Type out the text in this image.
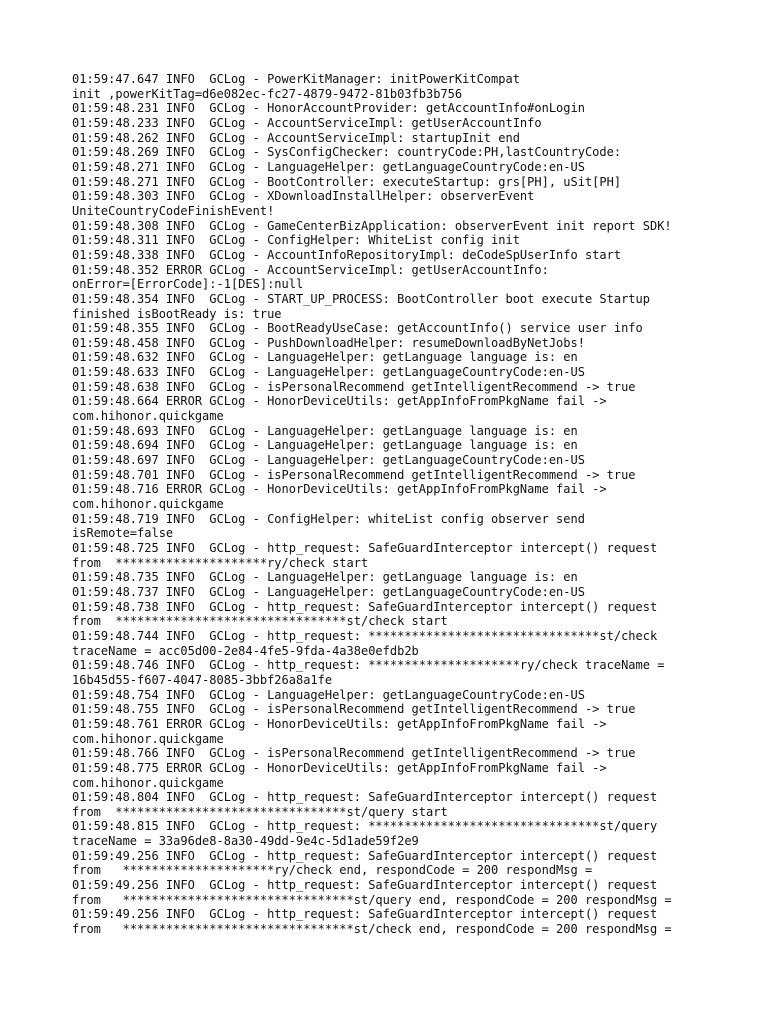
01:59:47.647 INFO  GCLog - PowerKitManager: initPowerKitCompat
init ,powerKitTag=d6e082ec-fc27-4879-9472-81b03fb3b756
01:59:48.231 INFO  GCLog - HonorAccountProvider: getAccountInfo#onLogin
01:59:48.233 INFO  GCLog - AccountServiceImpl: getUserAccountInfo
01:59:48.262 INFO  GCLog - AccountServiceImpl: startupInit end
01:59:48.269 INFO  GCLog - SysConfigChecker: countryCode:PH,lastCountryCode:
01:59:48.271 INFO  GCLog - LanguageHelper: getLanguageCountryCode:en-US
01:59:48.271 INFO  GCLog - BootController: executeStartup: grs[PH], uSit[PH]
01:59:48.303 INFO  GCLog - XDownloadInstallHelper: observerEvent
UniteCountryCodeFinishEvent!
01:59:48.308 INFO  GCLog - GameCenterBizApplication: observerEvent init report SDK!
01:59:48.311 INFO  GCLog - ConfigHelper: WhiteList config init
01:59:48.338 INFO  GCLog - AccountInfoRepositoryImpl: deCodeSpUserInfo start
01:59:48.352 ERROR GCLog - AccountServiceImpl: getUserAccountInfo:
onError=[ErrorCode]:-1[DES]:null
01:59:48.354 INFO  GCLog - START_UP_PROCESS: BootController boot execute Startup
finished isBootReady is: true
01:59:48.355 INFO  GCLog - BootReadyUseCase: getAccountInfo() service user info
01:59:48.458 INFO  GCLog - PushDownloadHelper: resumeDownloadByNetJobs!
01:59:48.632 INFO  GCLog - LanguageHelper: getLanguage language is: en
01:59:48.633 INFO  GCLog - LanguageHelper: getLanguageCountryCode:en-US
01:59:48.638 INFO  GCLog - isPersonalRecommend getIntelligentRecommend -> true
01:59:48.664 ERROR GCLog - HonorDeviceUtils: getAppInfoFromPkgName fail ->
com.hihonor.quickgame
01:59:48.693 INFO  GCLog - LanguageHelper: getLanguage language is: en
01:59:48.694 INFO  GCLog - LanguageHelper: getLanguage language is: en
01:59:48.697 INFO  GCLog - LanguageHelper: getLanguageCountryCode:en-US
01:59:48.701 INFO  GCLog - isPersonalRecommend getIntelligentRecommend -> true
01:59:48.716 ERROR GCLog - HonorDeviceUtils: getAppInfoFromPkgName fail ->
com.hihonor.quickgame
01:59:48.719 INFO  GCLog - ConfigHelper: whiteList config observer send
isRemote=false
01:59:48.725 INFO  GCLog - http_request: SafeGuardInterceptor intercept() request
from  *********************ry/check start
01:59:48.735 INFO  GCLog - LanguageHelper: getLanguage language is: en
01:59:48.737 INFO  GCLog - LanguageHelper: getLanguageCountryCode:en-US
01:59:48.738 INFO  GCLog - http_request: SafeGuardInterceptor intercept() request
from  ********************************st/check start
01:59:48.744 INFO  GCLog - http_request: ********************************st/check
traceName = acc05d00-2e84-4fe5-9fda-4a38e0efdb2b
01:59:48.746 INFO  GCLog - http_request: *********************ry/check traceName =
16b45d55-f607-4047-8085-3bbf26a8a1fe
01:59:48.754 INFO  GCLog - LanguageHelper: getLanguageCountryCode:en-US
01:59:48.755 INFO  GCLog - isPersonalRecommend getIntelligentRecommend -> true
01:59:48.761 ERROR GCLog - HonorDeviceUtils: getAppInfoFromPkgName fail ->
com.hihonor.quickgame
01:59:48.766 INFO  GCLog - isPersonalRecommend getIntelligentRecommend -> true
01:59:48.775 ERROR GCLog - HonorDeviceUtils: getAppInfoFromPkgName fail ->
com.hihonor.quickgame
01:59:48.804 INFO  GCLog - http_request: SafeGuardInterceptor intercept() request
from  ********************************st/query start
01:59:48.815 INFO  GCLog - http_request: ********************************st/query
traceName = 33a96de8-8a30-49dd-9e4c-5d1ade59f2e9
01:59:49.256 INFO  GCLog - http_request: SafeGuardInterceptor intercept() request
from   *********************ry/check end, respondCode = 200 respondMsg =
01:59:49.256 INFO  GCLog - http_request: SafeGuardInterceptor intercept() request
from   ********************************st/query end, respondCode = 200 respondMsg =
01:59:49.256 INFO  GCLog - http_request: SafeGuardInterceptor intercept() request
from   ********************************st/check end, respondCode = 200 respondMsg =
